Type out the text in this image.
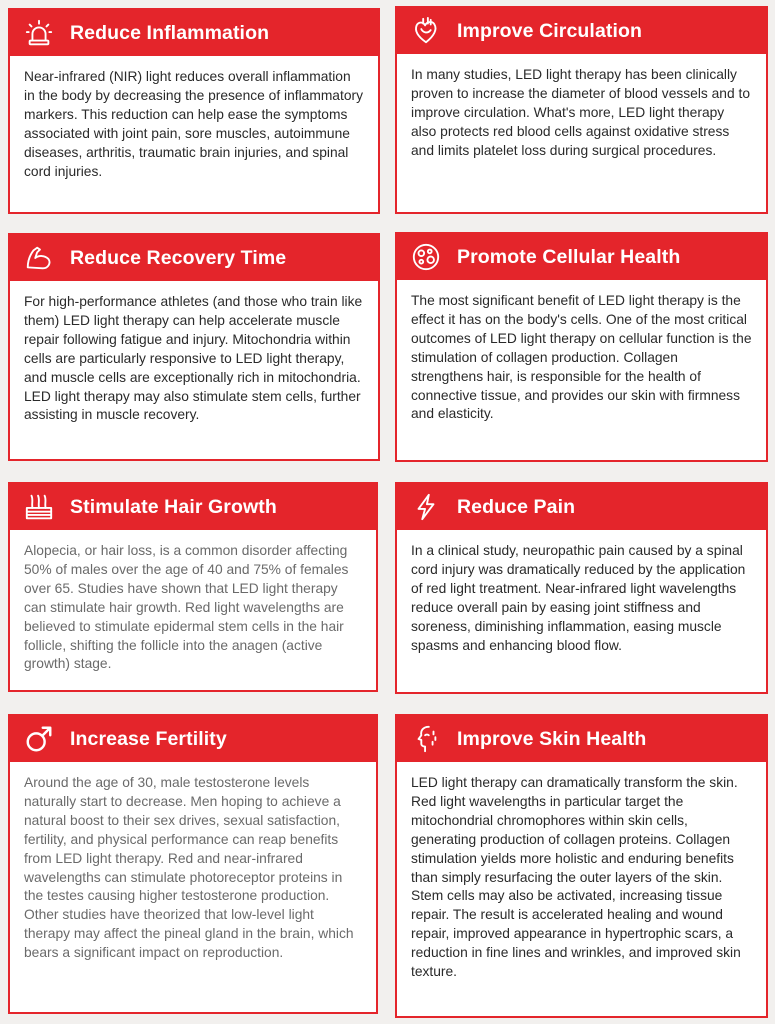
Reduce Inflammation

Near-infrared (NIR) light reduces overall inflammation in the body by decreasing the presence of inflammatory markers. This reduction can help ease the symptoms associated with joint pain, sore muscles, autoimmune diseases, arthritis, traumatic brain injuries, and spinal cord injuries.

Improve Circulation

In many studies, LED light therapy has been clinically proven to increase the diameter of blood vessels and to improve circulation. What's more, LED light therapy also protects red blood cells against oxidative stress and limits platelet loss during surgical procedures.

Reduce Recovery Time

For high-performance athletes (and those who train like them) LED light therapy can help accelerate muscle repair following fatigue and injury. Mitochondria within cells are particularly responsive to LED light therapy, and muscle cells are exceptionally rich in mitochondria. LED light therapy may also stimulate stem cells, further assisting in muscle recovery.

Promote Cellular Health

The most significant benefit of LED light therapy is the effect it has on the body's cells. One of the most critical outcomes of LED light therapy on cellular function is the stimulation of collagen production. Collagen strengthens hair, is responsible for the health of connective tissue, and provides our skin with firmness and elasticity.

Stimulate Hair Growth

Alopecia, or hair loss, is a common disorder affecting 50% of males over the age of 40 and 75% of females over 65. Studies have shown that LED light therapy can stimulate hair growth. Red light wavelengths are believed to stimulate epidermal stem cells in the hair follicle, shifting the follicle into the anagen (active growth) stage.

Reduce Pain

In a clinical study, neuropathic pain caused by a spinal cord injury was dramatically reduced by the application of red light treatment. Near-infrared light wavelengths reduce overall pain by easing joint stiffness and soreness, diminishing inflammation, easing muscle spasms and enhancing blood flow.

Increase Fertility

Around the age of 30, male testosterone levels naturally start to decrease. Men hoping to achieve a natural boost to their sex drives, sexual satisfaction, fertility, and physical performance can reap benefits from LED light therapy. Red and near-infrared wavelengths can stimulate photoreceptor proteins in the testes causing higher testosterone production. Other studies have theorized that low-level light therapy may affect the pineal gland in the brain, which bears a significant impact on reproduction.

Improve Skin Health

LED light therapy can dramatically transform the skin. Red light wavelengths in particular target the mitochondrial chromophores within skin cells, generating production of collagen proteins. Collagen stimulation yields more holistic and enduring benefits than simply resurfacing the outer layers of the skin. Stem cells may also be activated, increasing tissue repair. The result is accelerated healing and wound repair, improved appearance in hypertrophic scars, a reduction in fine lines and wrinkles, and improved skin texture.
